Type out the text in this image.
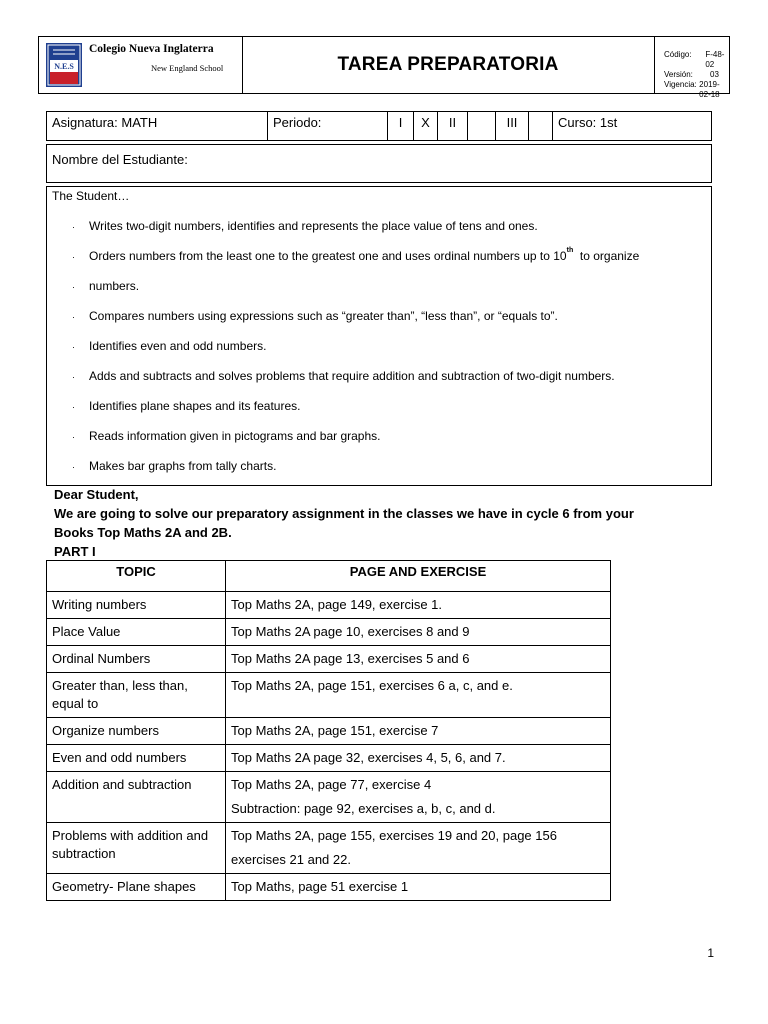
N.E.S
Colegio Nueva Inglaterra
New England School	TAREA PREPARATORIA	Código:	F-48-02
Versión:	03
Vigencia: 2019-02-18
Asignatura: MATH	Periodo:	I	X	II	III	Curso: 1st
Nombre del Estudiante:
The Student…
· Writes two-digit numbers, identifies and represents the place value of tens and ones.
· Orders numbers from the least one to the greatest one and uses ordinal numbers up to 10th to organize
· numbers.
· Compares numbers using expressions such as “greater than”, “less than”, or “equals to”.
· Identifies even and odd numbers.
· Adds and subtracts and solves problems that require addition and subtraction of two-digit numbers.
· Identifies plane shapes and its features.
· Reads information given in pictograms and bar graphs.
· Makes bar graphs from tally charts.
Dear Student,
We are going to solve our preparatory assignment in the classes we have in cycle 6 from your
Books Top Maths 2A and 2B.
PART I
TOPIC	PAGE AND EXERCISE
Writing numbers	Top Maths 2A, page 149, exercise 1.
Place Value	Top Maths 2A page 10, exercises 8 and 9
Ordinal Numbers	Top Maths 2A page 13, exercises 5 and 6
Greater than, less than, equal to	Top Maths 2A, page 151, exercises 6 a, c, and e.
Organize numbers	Top Maths 2A, page 151, exercise 7
Even and odd numbers	Top Maths 2A page 32, exercises 4, 5, 6, and 7.
Addition and subtraction	Top Maths 2A, page 77, exercise 4
Subtraction: page 92, exercises a, b, c, and d.

Problems with addition and subtraction	Top Maths 2A, page 155, exercises 19 and 20, page 156
exercises 21 and 22.

Geometry- Plane shapes	Top Maths, page 51 exercise 1
1
